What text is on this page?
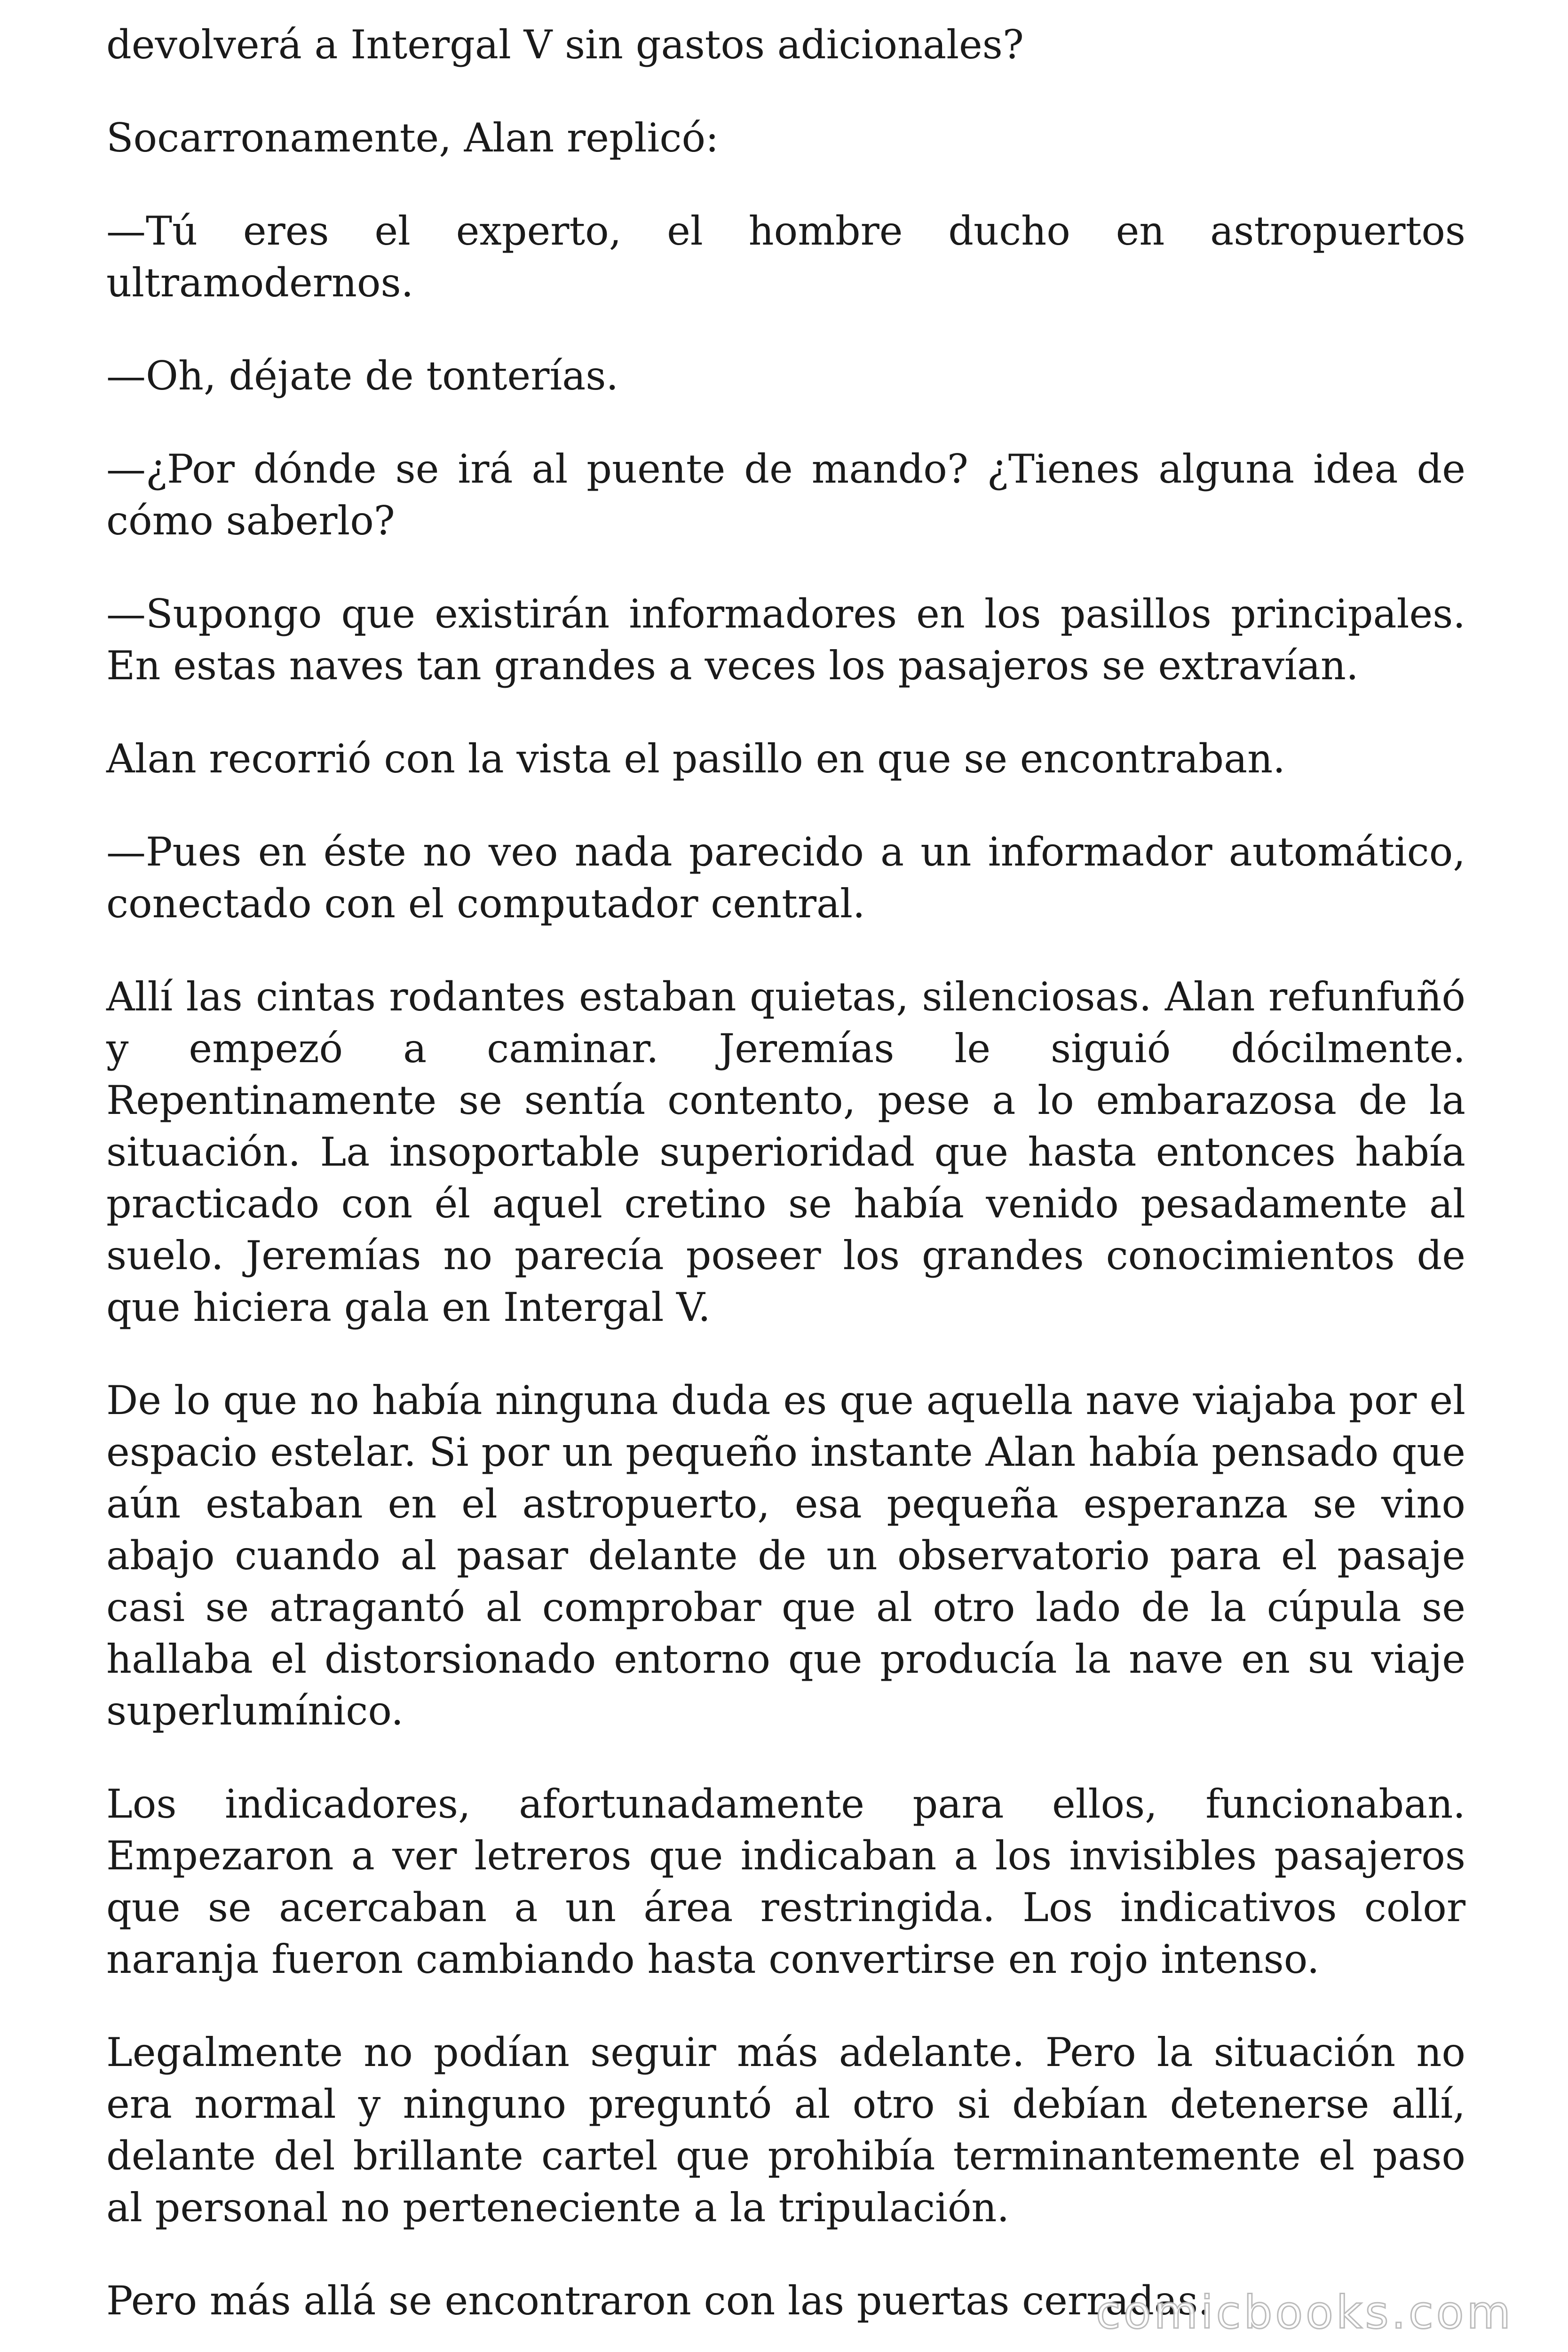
devolverá a Intergal V sin gastos adicionales?

Socarronamente, Alan replicó:

—Tú eres el experto, el hombre ducho en astropuertos ultramodernos.

—Oh, déjate de tonterías.

—¿Por dónde se irá al puente de mando? ¿Tienes alguna idea de cómo saberlo?

—Supongo que existirán informadores en los pasillos principales. En estas naves tan grandes a veces los pasajeros se extravían.

Alan recorrió con la vista el pasillo en que se encontraban.

—Pues en éste no veo nada parecido a un informador automático, conectado con el computador central.

Allí las cintas rodantes estaban quietas, silenciosas. Alan refunfuñó y empezó a caminar. Jeremías le siguió dócilmente. Repentinamente se sentía contento, pese a lo embarazosa de la situación. La insoportable superioridad que hasta entonces había practicado con él aquel cretino se había venido pesadamente al suelo. Jeremías no parecía poseer los grandes conocimientos de que hiciera gala en Intergal V.

De lo que no había ninguna duda es que aquella nave viajaba por el espacio estelar. Si por un pequeño instante Alan había pensado que aún estaban en el astropuerto, esa pequeña esperanza se vino abajo cuando al pasar delante de un observatorio para el pasaje casi se atragantó al comprobar que al otro lado de la cúpula se hallaba el distorsionado entorno que producía la nave en su viaje superlumínico.

Los indicadores, afortunadamente para ellos, funcionaban. Empezaron a ver letreros que indicaban a los invisibles pasajeros que se acercaban a un área restringida. Los indicativos color naranja fueron cambiando hasta convertirse en rojo intenso.

Legalmente no podían seguir más adelante. Pero la situación no era normal y ninguno preguntó al otro si debían detenerse allí, delante del brillante cartel que prohibía terminantemente el paso al personal no perteneciente a la tripulación.

Pero más allá se encontraron con las puertas cerradas.

comicbooks.com
